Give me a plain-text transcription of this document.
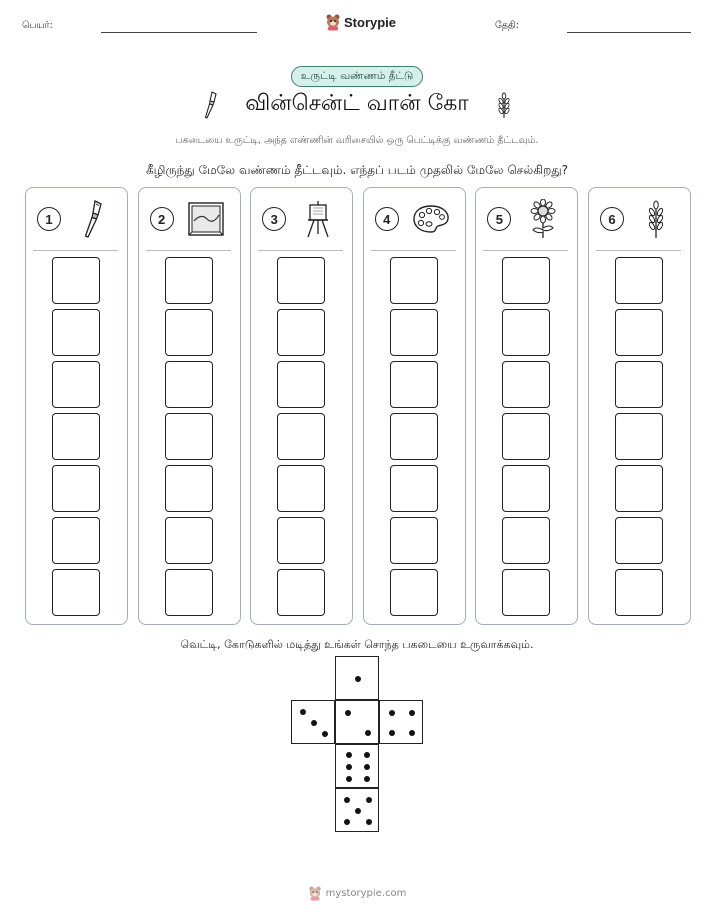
பெயர்:	Storypie	தேதி:
உருட்டி வண்ணம் தீட்டு
வின்சென்ட் வான் கோ
பகடையை உருட்டி, அந்த எண்ணின் வரிசையில் ஒரு பெட்டிக்கு வண்ணம் தீட்டவும்.
கீழிருந்து மேலே வண்ணம் தீட்டவும். எந்தப் படம் முதலில் மேலே செல்கிறது?
1	2	3	4	5	6
வெட்டி, கோடுகளில் மடித்து உங்கள் சொந்த பகடையை உருவாக்கவும்.
mystorypie.com
